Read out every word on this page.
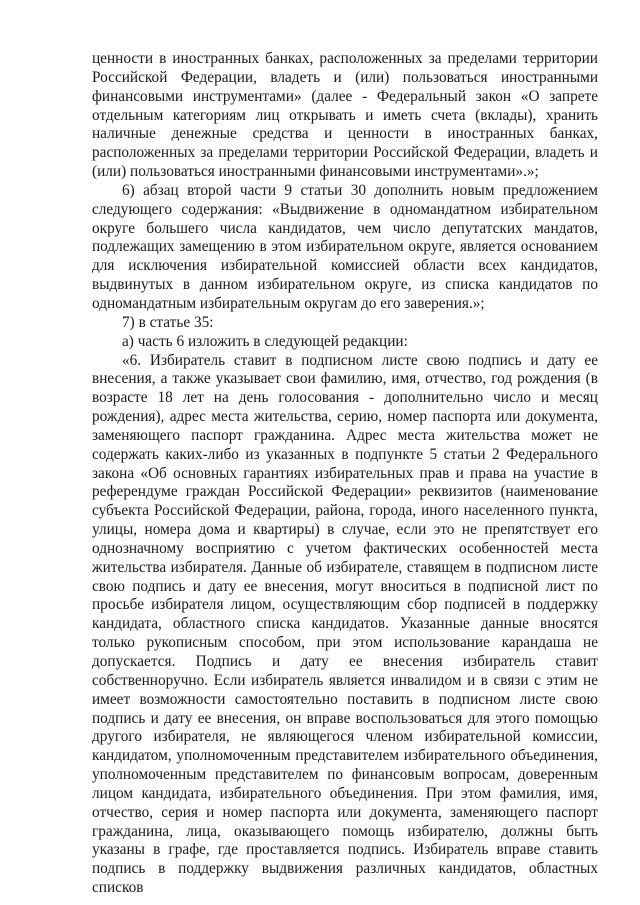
ценности в иностранных банках, расположенных за пределами территории Российской Федерации, владеть и (или) пользоваться иностранными финансовыми инструментами» (далее - Федеральный закон «О запрете отдельным категориям лиц открывать и иметь счета (вклады), хранить наличные денежные средства и ценности в иностранных банках, расположенных за пределами территории Российской Федерации, владеть и (или) пользоваться иностранными финансовыми инструментами».»;

6) абзац второй части 9 статьи 30 дополнить новым предложением следующего содержания: «Выдвижение в одномандатном избирательном округе большего числа кандидатов, чем число депутатских мандатов, подлежащих замещению в этом избирательном округе, является основанием для исключения избирательной комиссией области всех кандидатов, выдвинутых в данном избирательном округе, из списка кандидатов по одномандатным избирательным округам до его заверения.»;

7) в статье 35:

а) часть 6 изложить в следующей редакции:

«6. Избиратель ставит в подписном листе свою подпись и дату ее внесения, а также указывает свои фамилию, имя, отчество, год рождения (в возрасте 18 лет на день голосования - дополнительно число и месяц рождения), адрес места жительства, серию, номер паспорта или документа, заменяющего паспорт гражданина. Адрес места жительства может не содержать каких-либо из указанных в подпункте 5 статьи 2 Федерального закона «Об основных гарантиях избирательных прав и права на участие в референдуме граждан Российской Федерации» реквизитов (наименование субъекта Российской Федерации, района, города, иного населенного пункта, улицы, номера дома и квартиры) в случае, если это не препятствует его однозначному восприятию с учетом фактических особенностей места жительства избирателя. Данные об избирателе, ставящем в подписном листе свою подпись и дату ее внесения, могут вноситься в подписной лист по просьбе избирателя лицом, осуществляющим сбор подписей в поддержку кандидата, областного списка кандидатов. Указанные данные вносятся только рукописным способом, при этом использование карандаша не допускается. Подпись и дату ее внесения избиратель ставит собственноручно. Если избиратель является инвалидом и в связи с этим не имеет возможности самостоятельно поставить в подписном листе свою подпись и дату ее внесения, он вправе воспользоваться для этого помощью другого избирателя, не являющегося членом избирательной комиссии, кандидатом, уполномоченным представителем избирательного объединения, уполномоченным представителем по финансовым вопросам, доверенным лицом кандидата, избирательного объединения. При этом фамилия, имя, отчество, серия и номер паспорта или документа, заменяющего паспорт гражданина, лица, оказывающего помощь избирателю, должны быть указаны в графе, где проставляется подпись. Избиратель вправе ставить подпись в поддержку выдвижения различных кандидатов, областных списков
